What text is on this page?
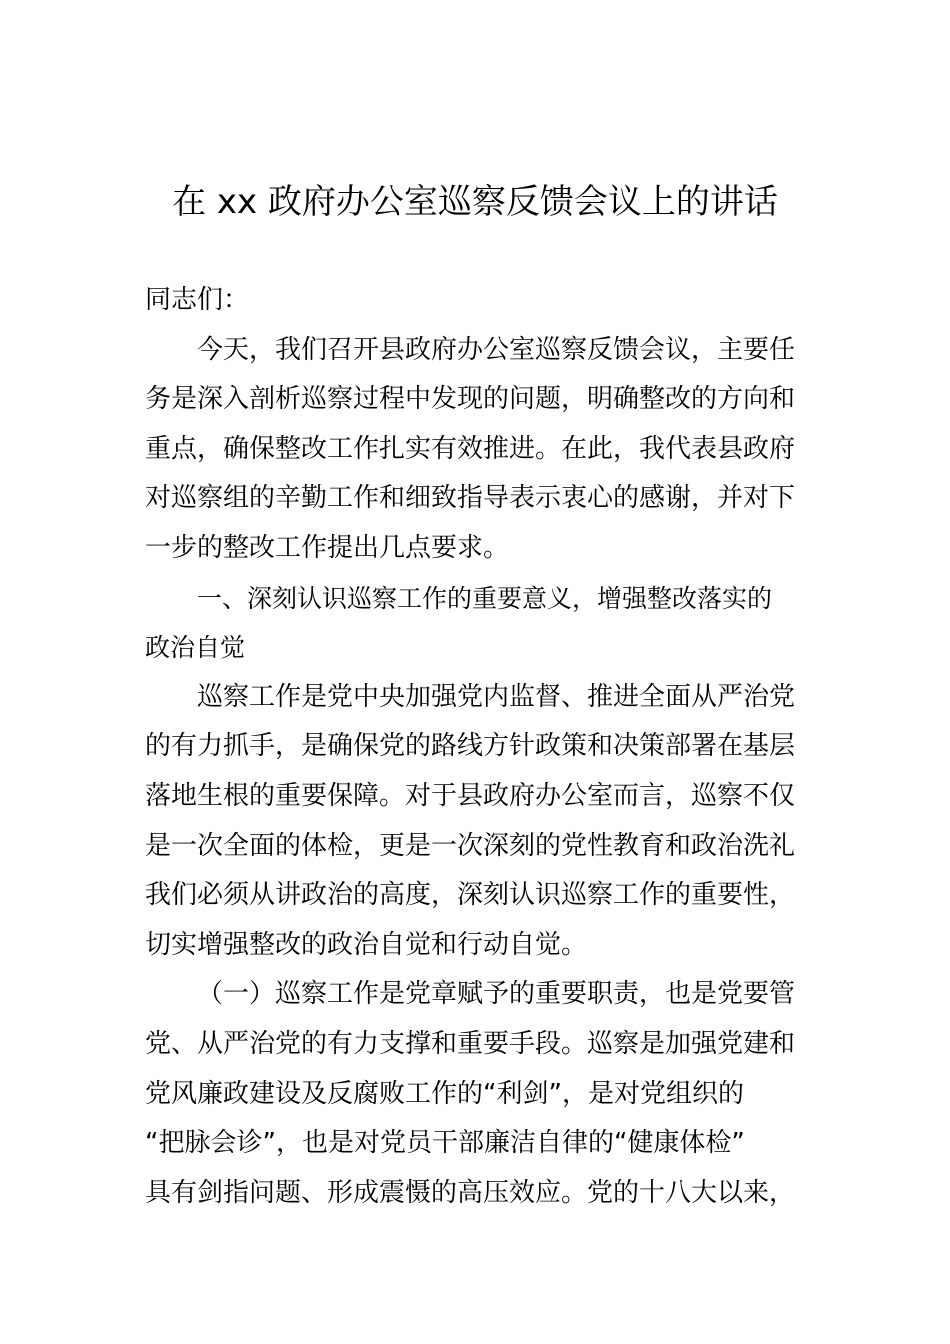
在 xx 政府办公室巡察反馈会议上的讲话

同志们：

今天，我们召开县政府办公室巡察反馈会议，主要任
务是深入剖析巡察过程中发现的问题，明确整改的方向和
重点，确保整改工作扎实有效推进。在此，我代表县政府
对巡察组的辛勤工作和细致指导表示衷心的感谢，并对下
一步的整改工作提出几点要求。

一、深刻认识巡察工作的重要意义，增强整改落实的
政治自觉

巡察工作是党中央加强党内监督、推进全面从严治党
的有力抓手，是确保党的路线方针政策和决策部署在基层
落地生根的重要保障。对于县政府办公室而言，巡察不仅
是一次全面的体检，更是一次深刻的党性教育和政治洗礼
我们必须从讲政治的高度，深刻认识巡察工作的重要性，
切实增强整改的政治自觉和行动自觉。

（一）巡察工作是党章赋予的重要职责，也是党要管
党、从严治党的有力支撑和重要手段。巡察是加强党建和
党风廉政建设及反腐败工作的“利剑”，是对党组织的
“把脉会诊”，也是对党员干部廉洁自律的“健康体检”
具有剑指问题、形成震慑的高压效应。党的十八大以来，
